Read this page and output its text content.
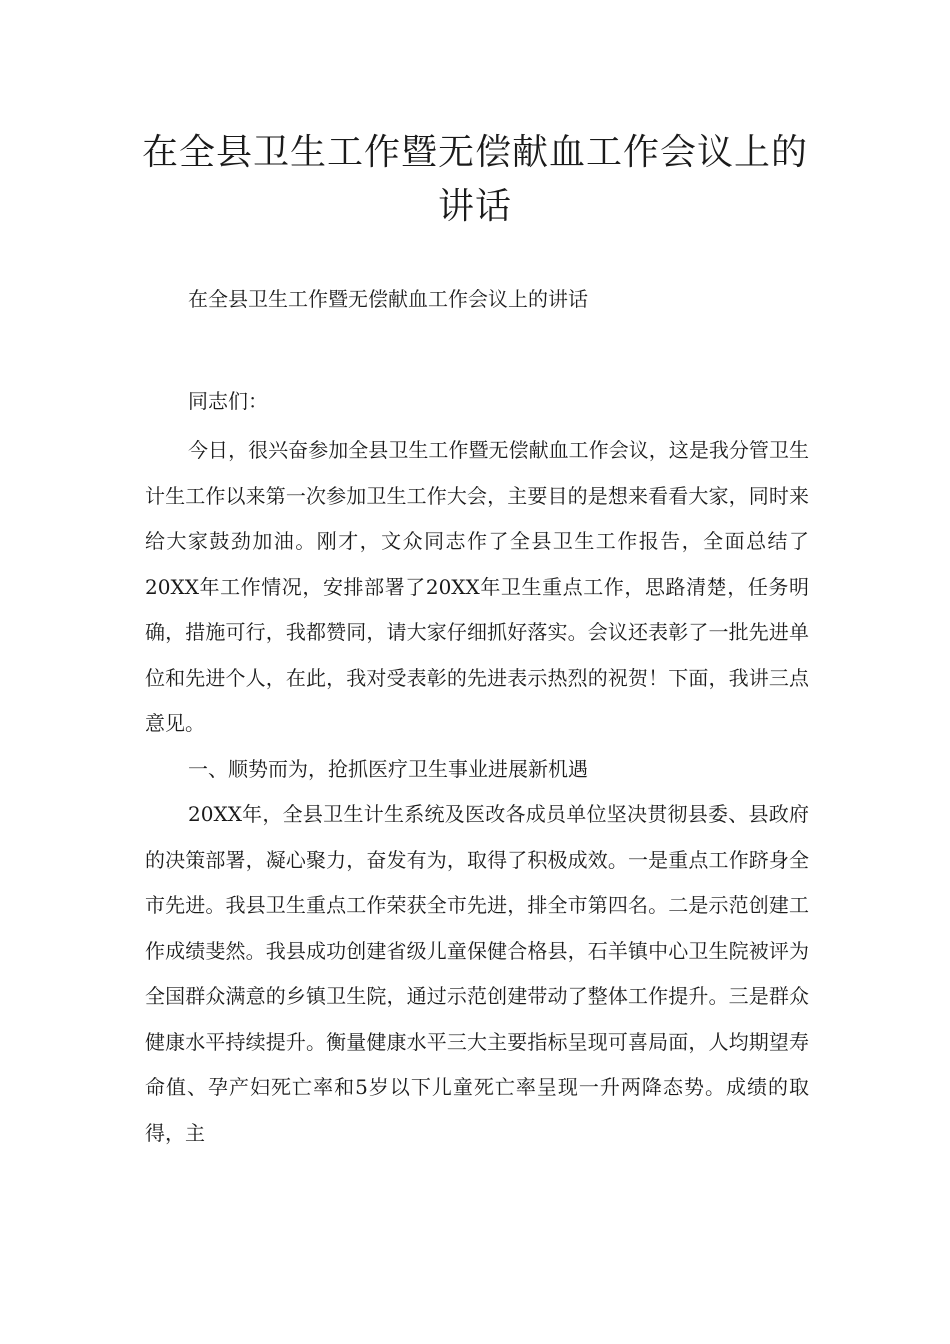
在全县卫生工作暨无偿献血工作会议上的讲话

在全县卫生工作暨无偿献血工作会议上的讲话

同志们：

今日，很兴奋参加全县卫生工作暨无偿献血工作会议，这是我分管卫生计生工作以来第一次参加卫生工作大会，主要目的是想来看看大家，同时来给大家鼓劲加油。刚才，文众同志作了全县卫生工作报告，全面总结了20XX年工作情况，安排部署了20XX年卫生重点工作，思路清楚，任务明确，措施可行，我都赞同，请大家仔细抓好落实。会议还表彰了一批先进单位和先进个人，在此，我对受表彰的先进表示热烈的祝贺！下面，我讲三点意见。

一、顺势而为，抢抓医疗卫生事业进展新机遇

20XX年，全县卫生计生系统及医改各成员单位坚决贯彻县委、县政府的决策部署，凝心聚力，奋发有为，取得了积极成效。一是重点工作跻身全市先进。我县卫生重点工作荣获全市先进，排全市第四名。二是示范创建工作成绩斐然。我县成功创建省级儿童保健合格县，石羊镇中心卫生院被评为全国群众满意的乡镇卫生院，通过示范创建带动了整体工作提升。三是群众健康水平持续提升。衡量健康水平三大主要指标呈现可喜局面，人均期望寿命值、孕产妇死亡率和5岁以下儿童死亡率呈现一升两降态势。成绩的取得，主
